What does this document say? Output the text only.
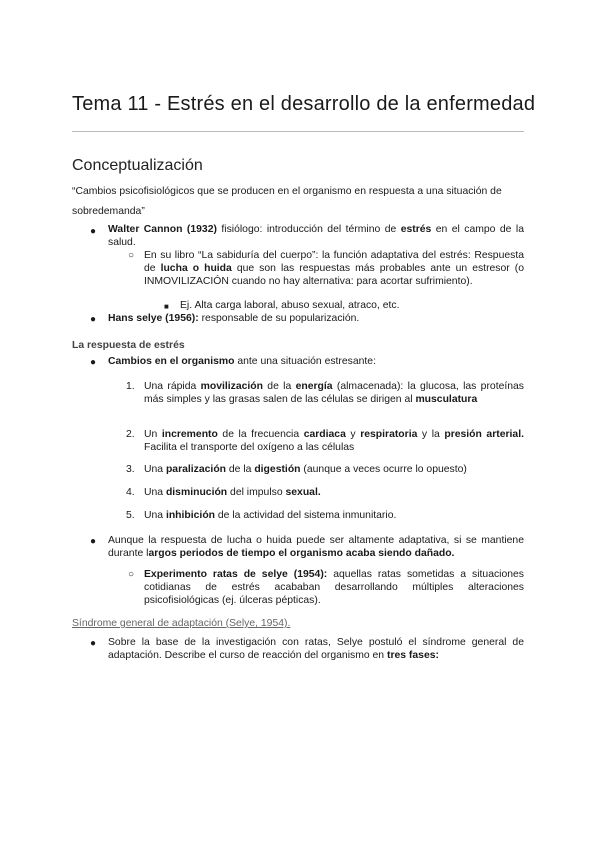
Tema 11 - Estrés en el desarrollo de la enfermedad
Conceptualización
“Cambios psicofisiológicos que se producen en el organismo en respuesta a una situación de sobredemanda”
● Walter Cannon (1932) fisiólogo: introducción del término de estrés en el campo de la salud.
○ En su libro “La sabiduría del cuerpo”: la función adaptativa del estrés: Respuesta de lucha o huida que son las respuestas más probables ante un estresor (o INMOVILIZACIÓN cuando no hay alternativa: para acortar sufrimiento).
■ Ej. Alta carga laboral, abuso sexual, atraco, etc.
● Hans selye (1956): responsable de su popularización.
La respuesta de estrés
● Cambios en el organismo ante una situación estresante:
1. Una rápida movilización de la energía (almacenada): la glucosa, las proteínas más simples y las grasas salen de las células se dirigen al musculatura
2. Un incremento de la frecuencia cardiaca y respiratoria y la presión arterial. Facilita el transporte del oxígeno a las células
3. Una paralización de la digestión (aunque a veces ocurre lo opuesto)
4. Una disminución del impulso sexual.
5. Una inhibición de la actividad del sistema inmunitario.
● Aunque la respuesta de lucha o huida puede ser altamente adaptativa, si se mantiene durante largos periodos de tiempo el organismo acaba siendo dañado.
○ Experimento ratas de selye (1954): aquellas ratas sometidas a situaciones cotidianas de estrés acababan desarrollando múltiples alteraciones psicofisiológicas (ej. úlceras pépticas).
Síndrome general de adaptación (Selye, 1954).
● Sobre la base de la investigación con ratas, Selye postuló el síndrome general de adaptación. Describe el curso de reacción del organismo en tres fases:
